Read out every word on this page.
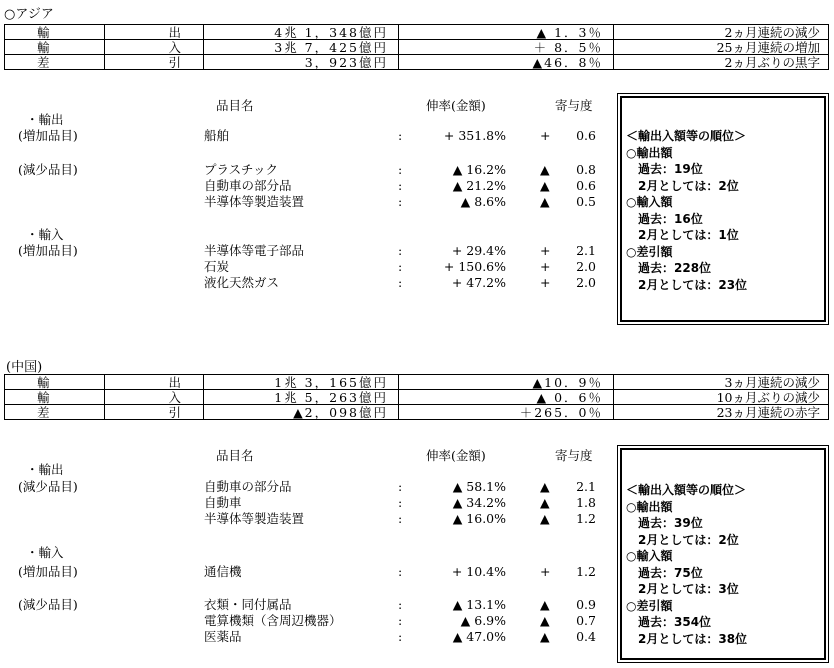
○アジア
輸	出	4兆 1，348億円	▲ 1．3％	2ヵ月連続の減少
輸	入	3兆 7，425億円	＋ 8．5％	25ヵ月連続の増加
差	引	3，923億円	▲46．8％	2ヵ月ぶりの黒字
品目名	伸率(金額)	寄与度
・輸出
(増加品目)	船舶	:	+ 351.8%	+ 0.6
(減少品目)	プラスチック	:	▲ 16.2%	▲ 0.8
自動車の部分品	:	▲ 21.2%	▲ 0.6
半導体等製造装置	:	▲ 8.6%	▲ 0.5
・輸入
(増加品目)	半導体等電子部品	:	+ 29.4%	+ 2.1
石炭	:	+ 150.6%	+ 2.0
液化天然ガス	:	+ 47.2%	+ 2.0
＜輸出入額等の順位＞
○輸出額
過去：19位
2月としては：2位
○輸入額
過去：16位
2月としては：1位
○差引額
過去：228位
2月としては：23位
(中国)
輸	出	1兆 3，165億円	▲10．9％	3ヵ月連続の減少
輸	入	1兆 5，263億円	▲ 0．6％	10ヵ月ぶりの減少
差	引	▲2，098億円	＋265．0％	23ヵ月連続の赤字
品目名	伸率(金額)	寄与度
・輸出
(減少品目)	自動車の部分品	:	▲ 58.1%	▲ 2.1
自動車	:	▲ 34.2%	▲ 1.8
半導体等製造装置	:	▲ 16.0%	▲ 1.2
・輸入
(増加品目)	通信機	:	+ 10.4%	+ 1.2
(減少品目)	衣類・同付属品	:	▲ 13.1%	▲ 0.9
電算機類（含周辺機器）	:	▲ 6.9%	▲ 0.7
医薬品	:	▲ 47.0%	▲ 0.4
＜輸出入額等の順位＞
○輸出額
過去：39位
2月としては：2位
○輸入額
過去：75位
2月としては：3位
○差引額
過去：354位
2月としては：38位
